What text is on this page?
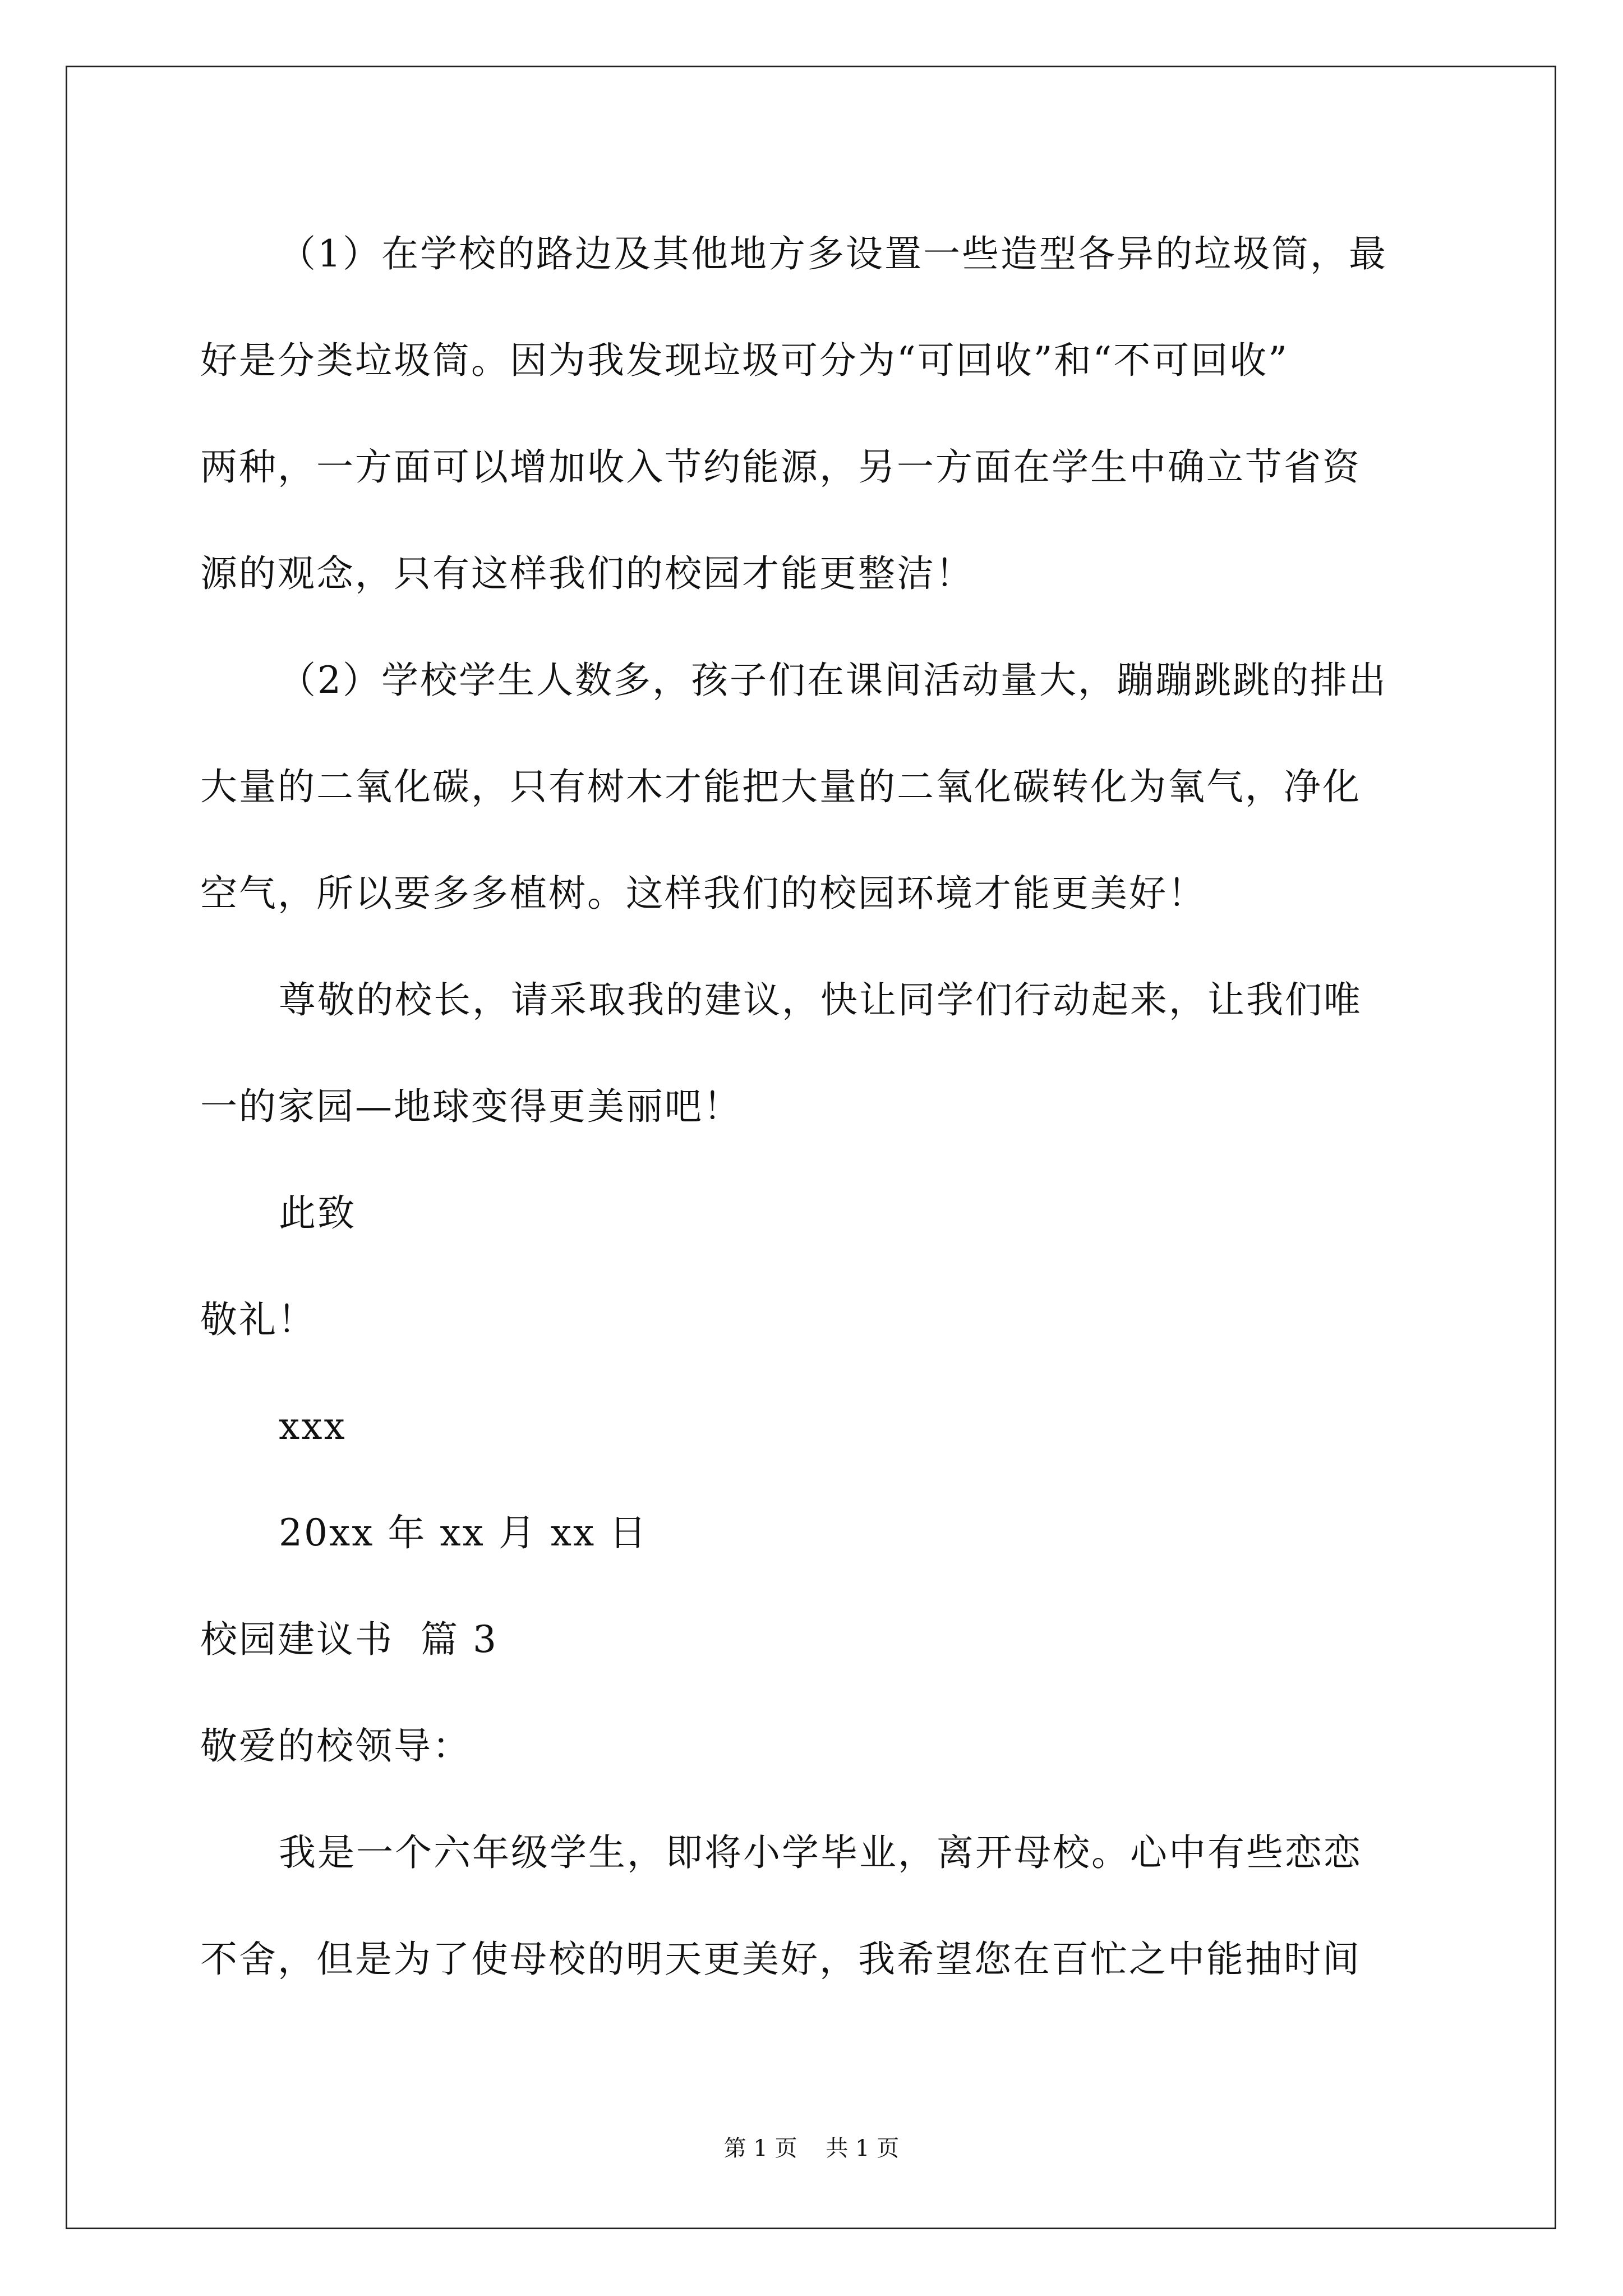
（1）在学校的路边及其他地方多设置一些造型各异的垃圾筒，最
好是分类垃圾筒。因为我发现垃圾可分为“可回收”和“不可回收”
两种，一方面可以增加收入节约能源，另一方面在学生中确立节省资
源的观念，只有这样我们的校园才能更整洁！
（2）学校学生人数多，孩子们在课间活动量大，蹦蹦跳跳的排出
大量的二氧化碳，只有树木才能把大量的二氧化碳转化为氧气，净化
空气，所以要多多植树。这样我们的校园环境才能更美好！
尊敬的校长，请采取我的建议，快让同学们行动起来，让我们唯
一的家园—地球变得更美丽吧！
此致
敬礼！
xxx
20xx 年 xx 月 xx 日
校园建议书  篇 3
敬爱的校领导：
我是一个六年级学生，即将小学毕业，离开母校。心中有些恋恋
不舍，但是为了使母校的明天更美好，我希望您在百忙之中能抽时间
第 1 页    共 1 页
